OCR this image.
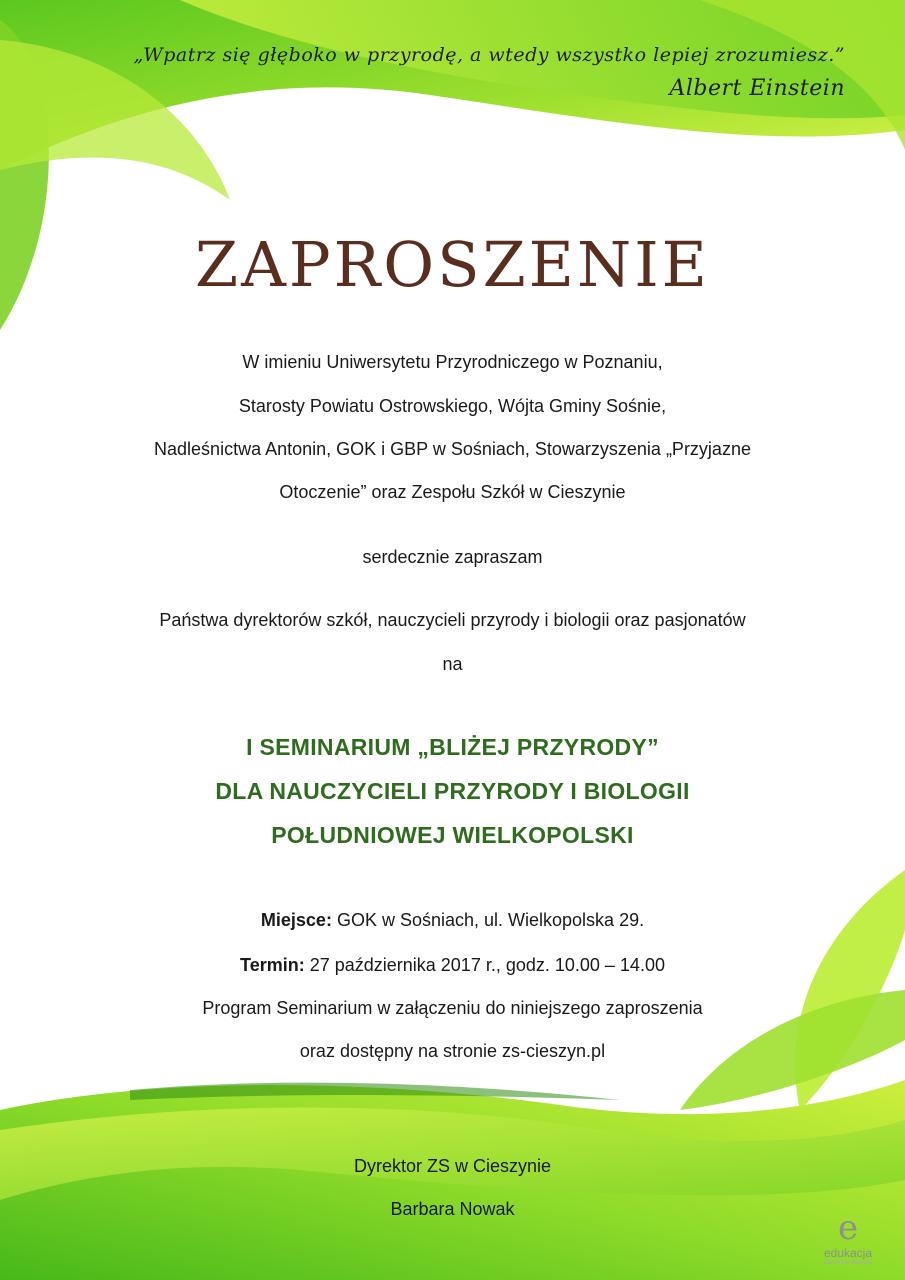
„Wpatrz się głęboko w przyrodę, a wtedy wszystko lepiej zrozumiesz.”
Albert Einstein
ZAPROSZENIE
W imieniu Uniwersytetu Przyrodniczego w Poznaniu,
Starosty Powiatu Ostrowskiego, Wójta Gminy Sośnie,
Nadleśnictwa Antonin, GOK i GBP w Sośniach, Stowarzyszenia „Przyjazne
Otoczenie” oraz Zespołu Szkół w Cieszynie
serdecznie zapraszam
Państwa dyrektorów szkół, nauczycieli przyrody i biologii oraz pasjonatów
na
I SEMINARIUM „BLIŻEJ PRZYRODY”
DLA NAUCZYCIELI PRZYRODY I BIOLOGII
POŁUDNIOWEJ WIELKOPOLSKI
Miejsce: GOK w Sośniach, ul. Wielkopolska 29.
Termin: 27 października 2017 r., godz. 10.00 – 14.00
Program Seminarium w załączeniu do niniejszego zaproszenia
oraz dostępny na stronie zs-cieszyn.pl
Dyrektor ZS w Cieszynie
Barbara Nowak	e
edukacja
dla Doliny Baryczy
